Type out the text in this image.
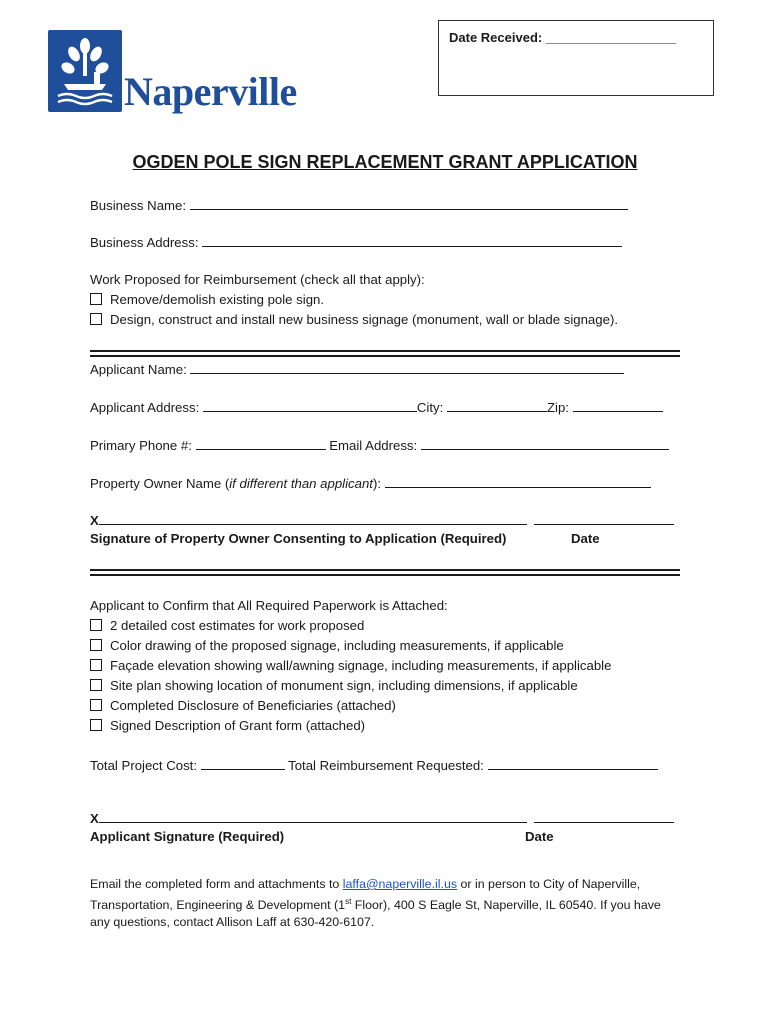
Naperville
Date Received: __________________
OGDEN POLE SIGN REPLACEMENT GRANT APPLICATION
Business Name:
Business Address:
Work Proposed for Reimbursement (check all that apply):
Remove/demolish existing pole sign.
Design, construct and install new business signage (monument, wall or blade signage).
Applicant Name:
Applicant Address:	City:	Zip:
Primary Phone #:	Email Address:
Property Owner Name (if different than applicant):
X
Signature of Property Owner Consenting to Application (Required)	Date
Applicant to Confirm that All Required Paperwork is Attached:
2 detailed cost estimates for work proposed
Color drawing of the proposed signage, including measurements, if applicable
Façade elevation showing wall/awning signage, including measurements, if applicable
Site plan showing location of monument sign, including dimensions, if applicable
Completed Disclosure of Beneficiaries (attached)
Signed Description of Grant form (attached)
Total Project Cost:	Total Reimbursement Requested:
X
Applicant Signature (Required)	Date
Email the completed form and attachments to laffa@naperville.il.us or in person to City of Naperville,
Transportation, Engineering & Development (1st Floor), 400 S Eagle St, Naperville, IL 60540. If you have
any questions, contact Allison Laff at 630-420-6107.
